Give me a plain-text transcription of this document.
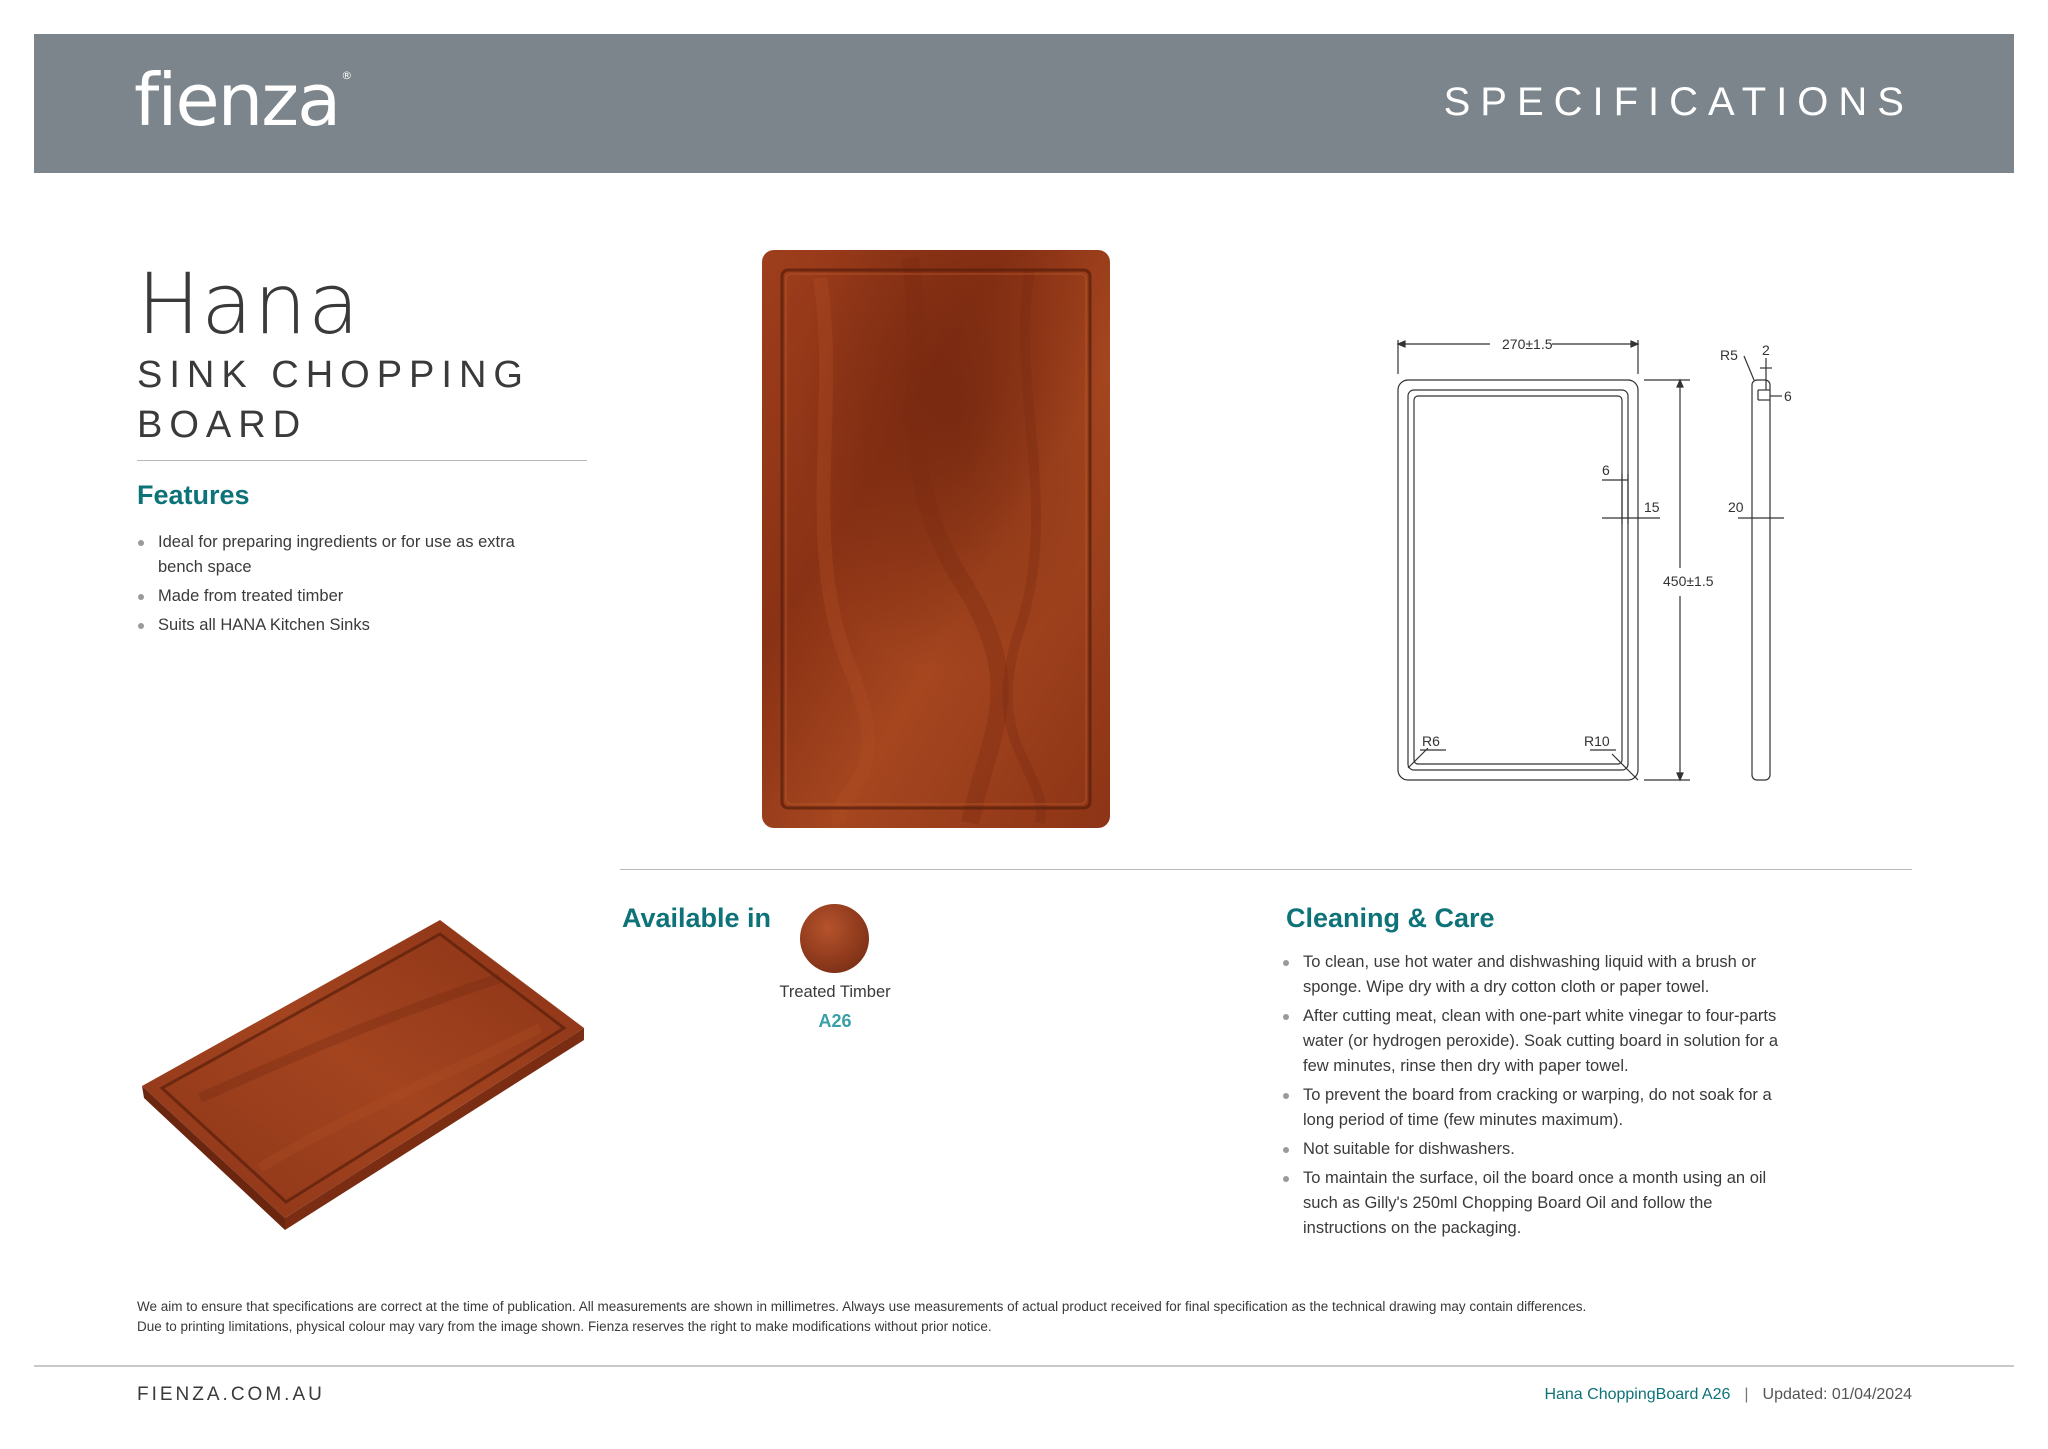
fienza ®
SPECIFICATIONS
Hana
SINK CHOPPING
BOARD
Features
Ideal for preparing ingredients or for use as extra bench space
Made from treated timber
Suits all HANA Kitchen Sinks
270±1.5
450±1.5
6
15
R6	R10
R5 2
6
20
Available in
Treated Timber
A26
Cleaning & Care
To clean, use hot water and dishwashing liquid with a brush or sponge. Wipe dry with a dry cotton cloth or paper towel.
After cutting meat, clean with one-part white vinegar to four-parts water (or hydrogen peroxide). Soak cutting board in solution for a few minutes, rinse then dry with paper towel.
To prevent the board from cracking or warping, do not soak for a long period of time (few minutes maximum).
Not suitable for dishwashers.
To maintain the surface, oil the board once a month using an oil such as Gilly's 250ml Chopping Board Oil and follow the instructions on the packaging.
We aim to ensure that specifications are correct at the time of publication. All measurements are shown in millimetres. Always use measurements of actual product received for final specification as the technical drawing may contain differences.
Due to printing limitations, physical colour may vary from the image shown. Fienza reserves the right to make modifications without prior notice.
FIENZA.COM.AU	Hana ChoppingBoard A26 | Updated: 01/04/2024
